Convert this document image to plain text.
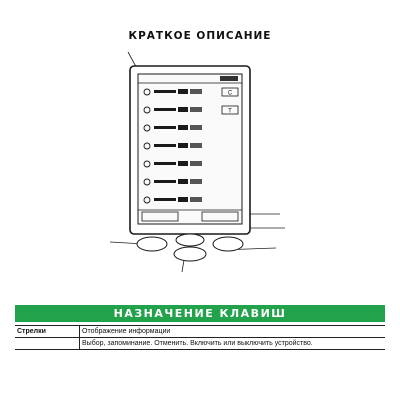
КРАТКОЕ ОПИСАНИЕ
С
Т
НАЗНАЧЕНИЕ КЛАВИШ
Стрелки	Отображение информации
	Выбор, запоминание. Отменить. Включить или выключить устройство.
